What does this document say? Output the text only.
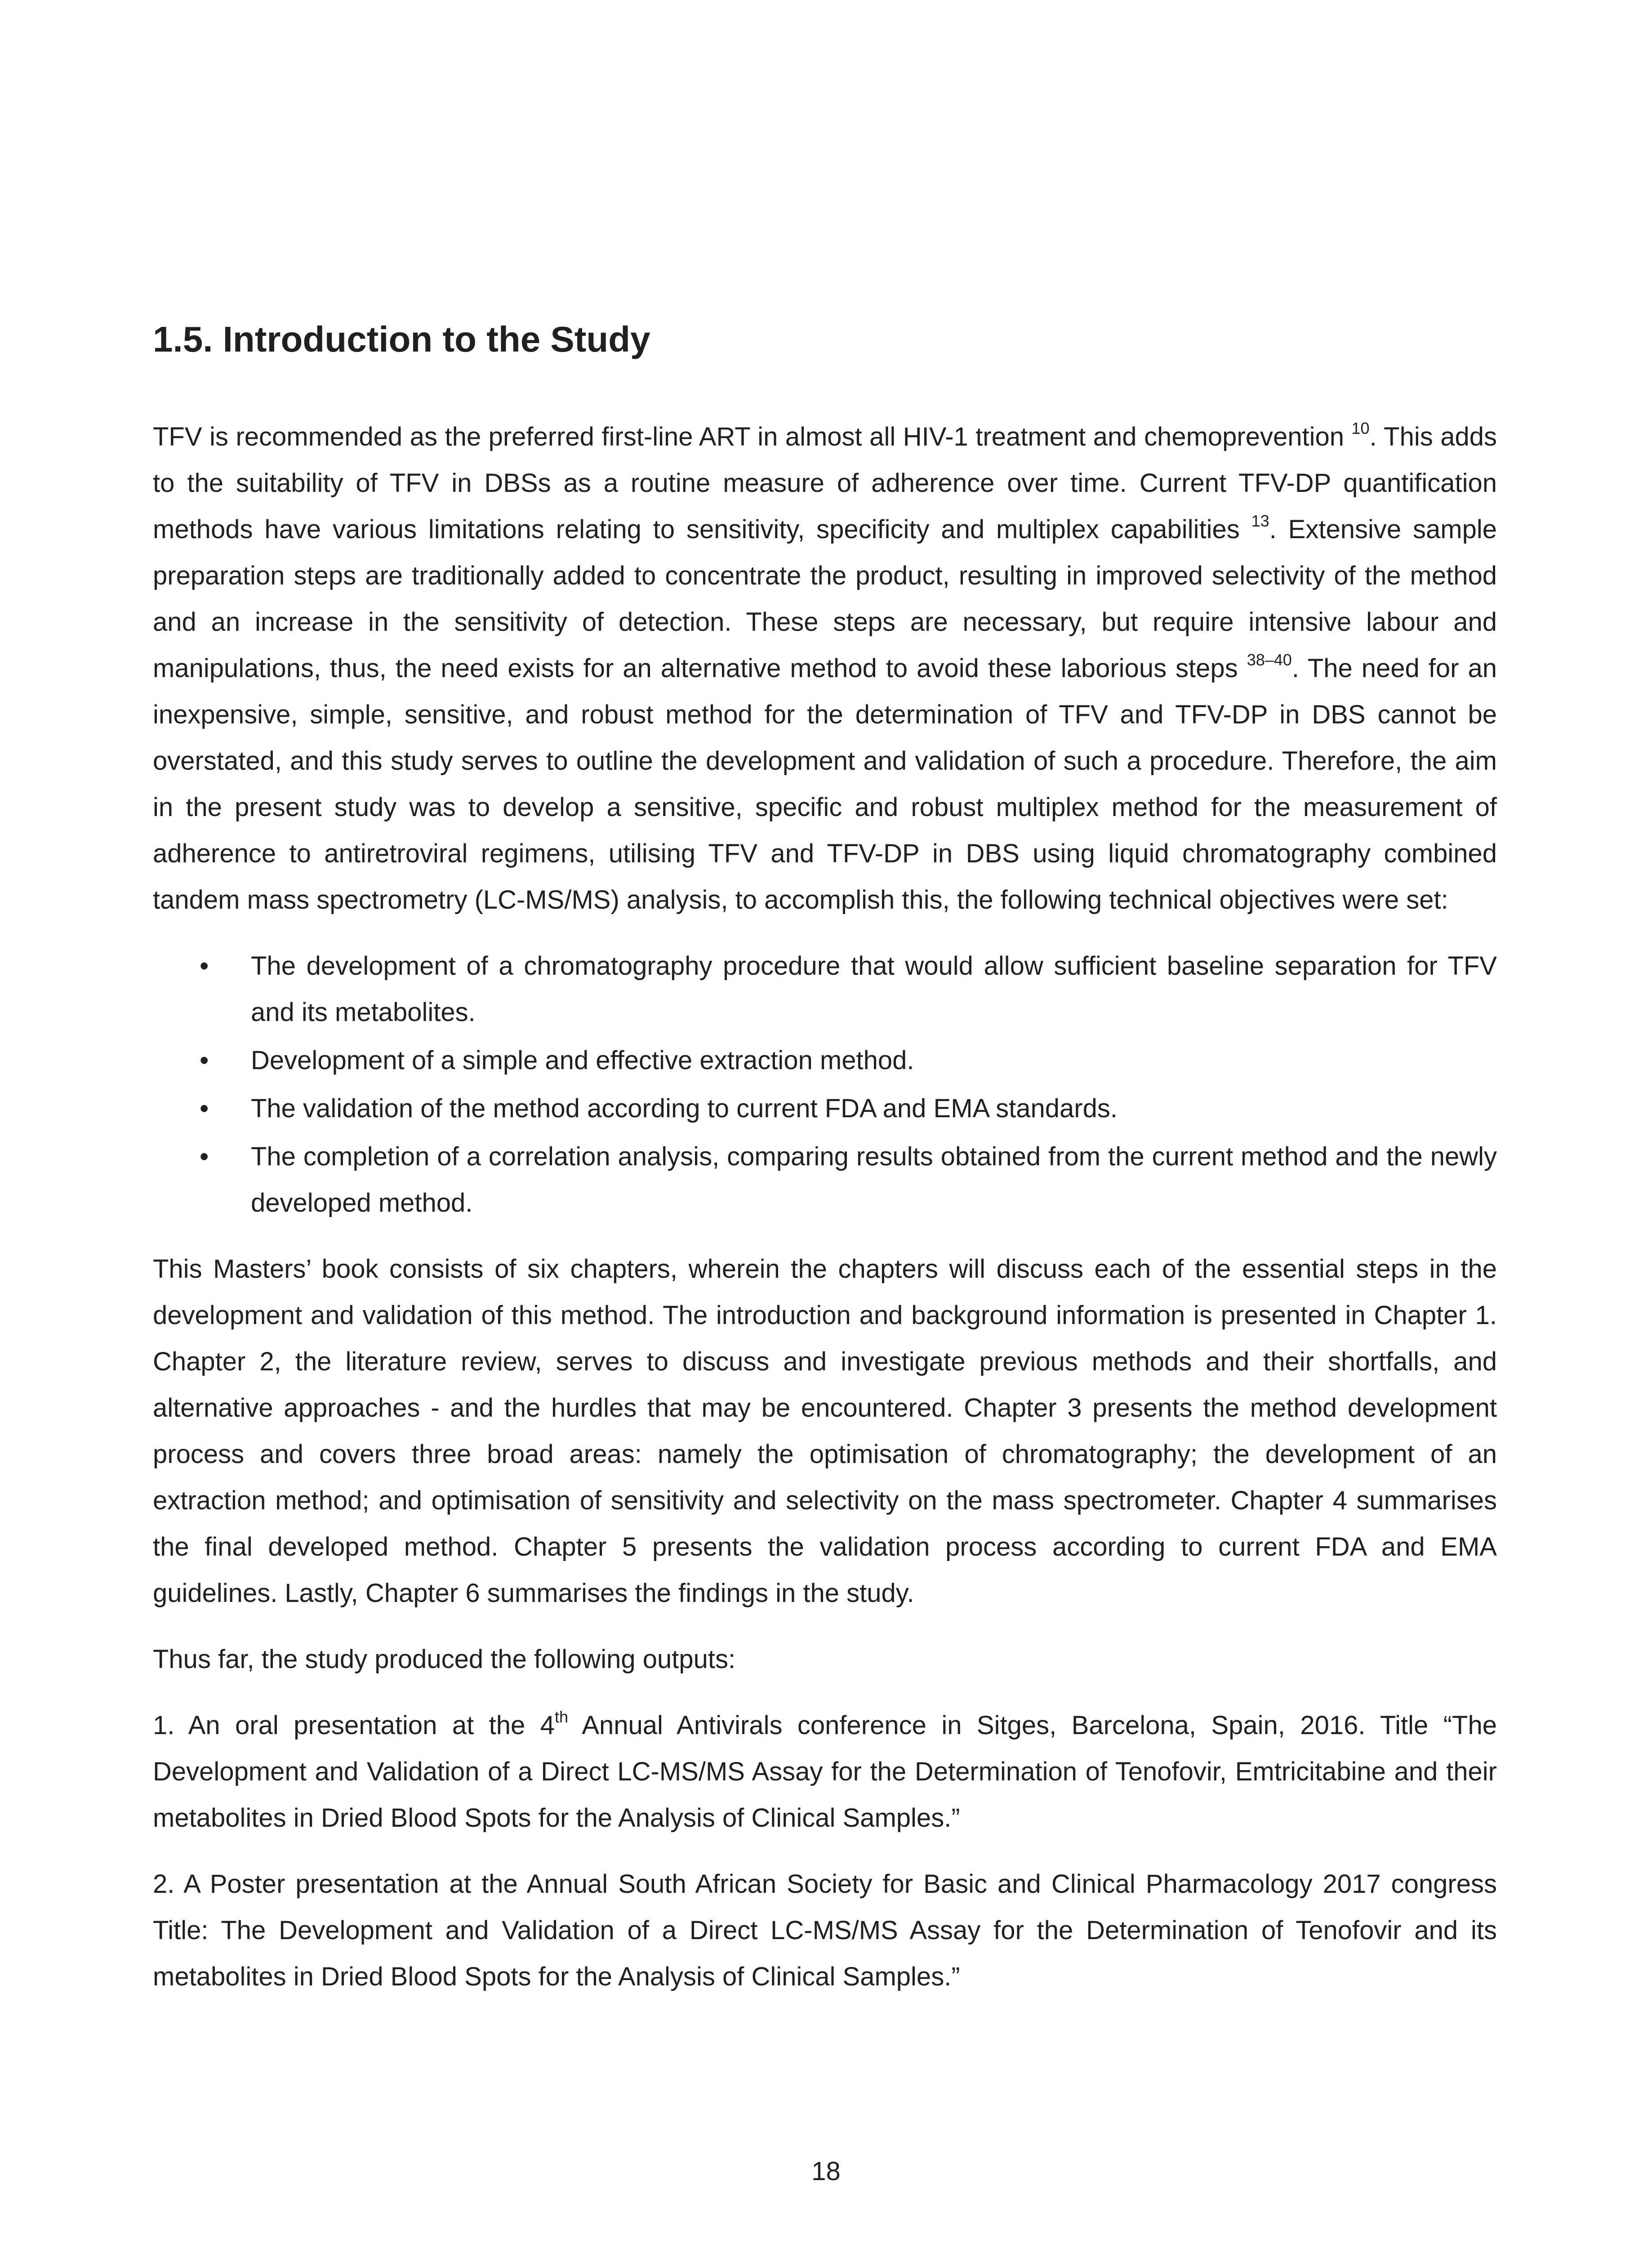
1.5. Introduction to the Study

TFV is recommended as the preferred first-line ART in almost all HIV-1 treatment and chemoprevention $^{10}$. This adds to the suitability of TFV in DBSs as a routine measure of adherence over time. Current TFV-DP quantification methods have various limitations relating to sensitivity, specificity and multiplex capabilities $^{13}$. Extensive sample preparation steps are traditionally added to concentrate the product, resulting in improved selectivity of the method and an increase in the sensitivity of detection. These steps are necessary, but require intensive labour and manipulations, thus, the need exists for an alternative method to avoid these laborious steps $^{38-40}$. The need for an inexpensive, simple, sensitive, and robust method for the determination of TFV and TFV-DP in DBS cannot be overstated, and this study serves to outline the development and validation of such a procedure. Therefore, the aim in the present study was to develop a sensitive, specific and robust multiplex method for the measurement of adherence to antiretroviral regimens, utilising TFV and TFV-DP in DBS using liquid chromatography combined tandem mass spectrometry (LC-MS/MS) analysis, to accomplish this, the following technical objectives were set:

• The development of a chromatography procedure that would allow sufficient baseline separation for TFV and its metabolites.
• Development of a simple and effective extraction method.
• The validation of the method according to current FDA and EMA standards.
• The completion of a correlation analysis, comparing results obtained from the current method and the newly developed method.

This Masters’ book consists of six chapters, wherein the chapters will discuss each of the essential steps in the development and validation of this method. The introduction and background information is presented in Chapter 1. Chapter 2, the literature review, serves to discuss and investigate previous methods and their shortfalls, and alternative approaches - and the hurdles that may be encountered. Chapter 3 presents the method development process and covers three broad areas: namely the optimisation of chromatography; the development of an extraction method; and optimisation of sensitivity and selectivity on the mass spectrometer. Chapter 4 summarises the final developed method. Chapter 5 presents the validation process according to current FDA and EMA guidelines. Lastly, Chapter 6 summarises the findings in the study.

Thus far, the study produced the following outputs:

1. An oral presentation at the 4th Annual Antivirals conference in Sitges, Barcelona, Spain, 2016. Title “The Development and Validation of a Direct LC-MS/MS Assay for the Determination of Tenofovir, Emtricitabine and their metabolites in Dried Blood Spots for the Analysis of Clinical Samples.”

2. A Poster presentation at the Annual South African Society for Basic and Clinical Pharmacology 2017 congress Title: The Development and Validation of a Direct LC-MS/MS Assay for the Determination of Tenofovir and its metabolites in Dried Blood Spots for the Analysis of Clinical Samples.”

18
